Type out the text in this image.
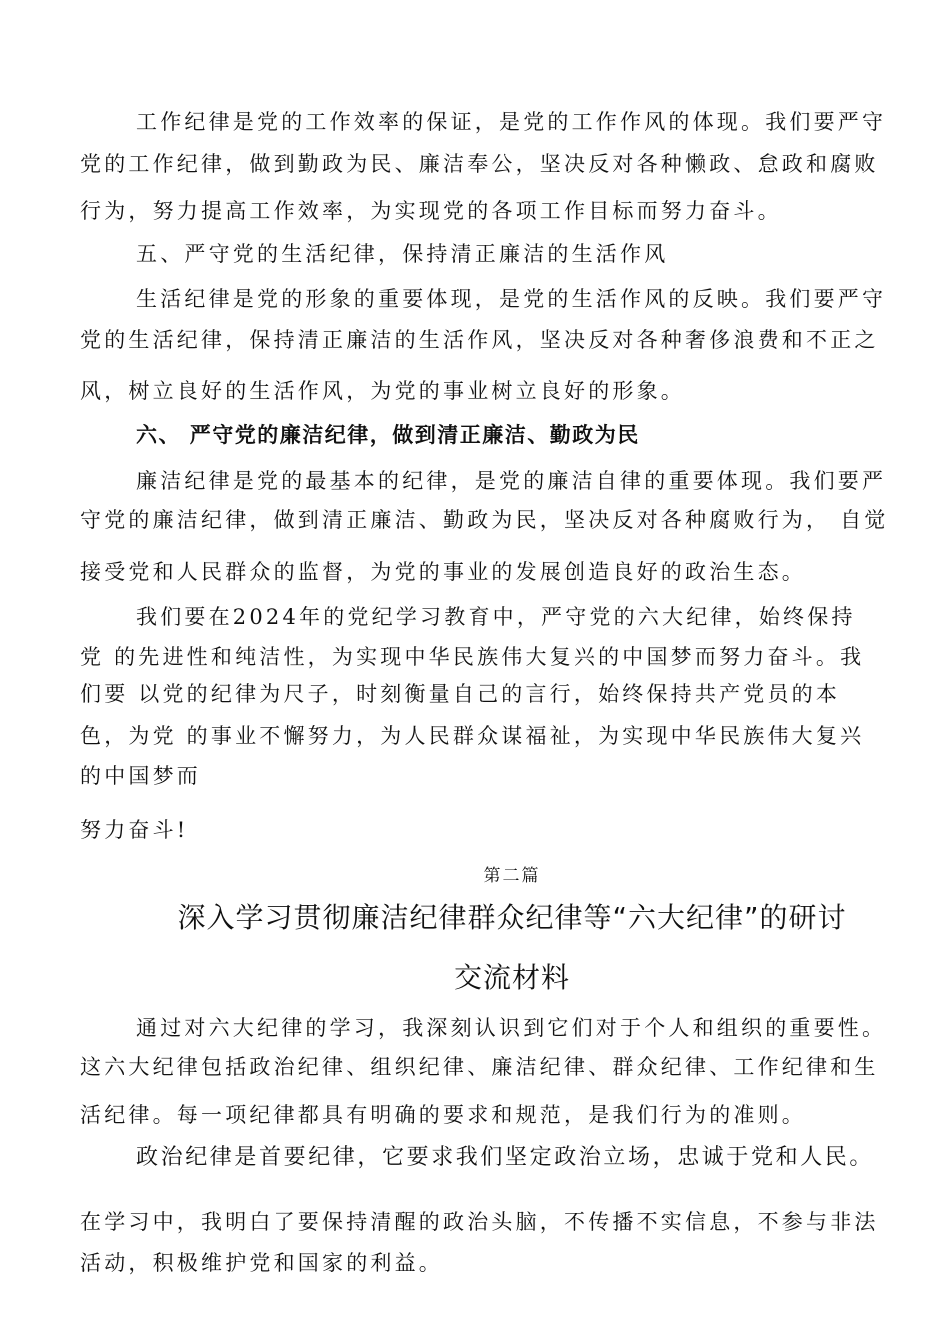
工作纪律是党的工作效率的保证，是党的工作作风的体现。我们要严守
党的工作纪律，做到勤政为民、廉洁奉公，坚决反对各种懒政、怠政和腐败
行为，努力提高工作效率，为实现党的各项工作目标而努力奋斗。
五、严守党的生活纪律，保持清正廉洁的生活作风
生活纪律是党的形象的重要体现，是党的生活作风的反映。我们要严守
党的生活纪律，保持清正廉洁的生活作风，坚决反对各种奢侈浪费和不正之
风，树立良好的生活作风，为党的事业树立良好的形象。
六、 严守党的廉洁纪律，做到清正廉洁、勤政为民
廉洁纪律是党的最基本的纪律，是党的廉洁自律的重要体现。我们要严
守党的廉洁纪律，做到清正廉洁、勤政为民，坚决反对各种腐败行为， 自觉
接受党和人民群众的监督，为党的事业的发展创造良好的政治生态。
我们要在2024年的党纪学习教育中，严守党的六大纪律，始终保持
党 的先进性和纯洁性，为实现中华民族伟大复兴的中国梦而努力奋斗。我
们要 以党的纪律为尺子，时刻衡量自己的言行，始终保持共产党员的本
色，为党 的事业不懈努力，为人民群众谋福祉，为实现中华民族伟大复兴
的中国梦而
努力奋斗!
第二篇
深入学习贯彻廉洁纪律群众纪律等“六大纪律”的研讨
交流材料
通过对六大纪律的学习，我深刻认识到它们对于个人和组织的重要性。
这六大纪律包括政治纪律、组织纪律、廉洁纪律、群众纪律、工作纪律和生
活纪律。每一项纪律都具有明确的要求和规范，是我们行为的准则。
政治纪律是首要纪律，它要求我们坚定政治立场，忠诚于党和人民。
在学习中，我明白了要保持清醒的政治头脑，不传播不实信息，不参与非法
活动，积极维护党和国家的利益。
